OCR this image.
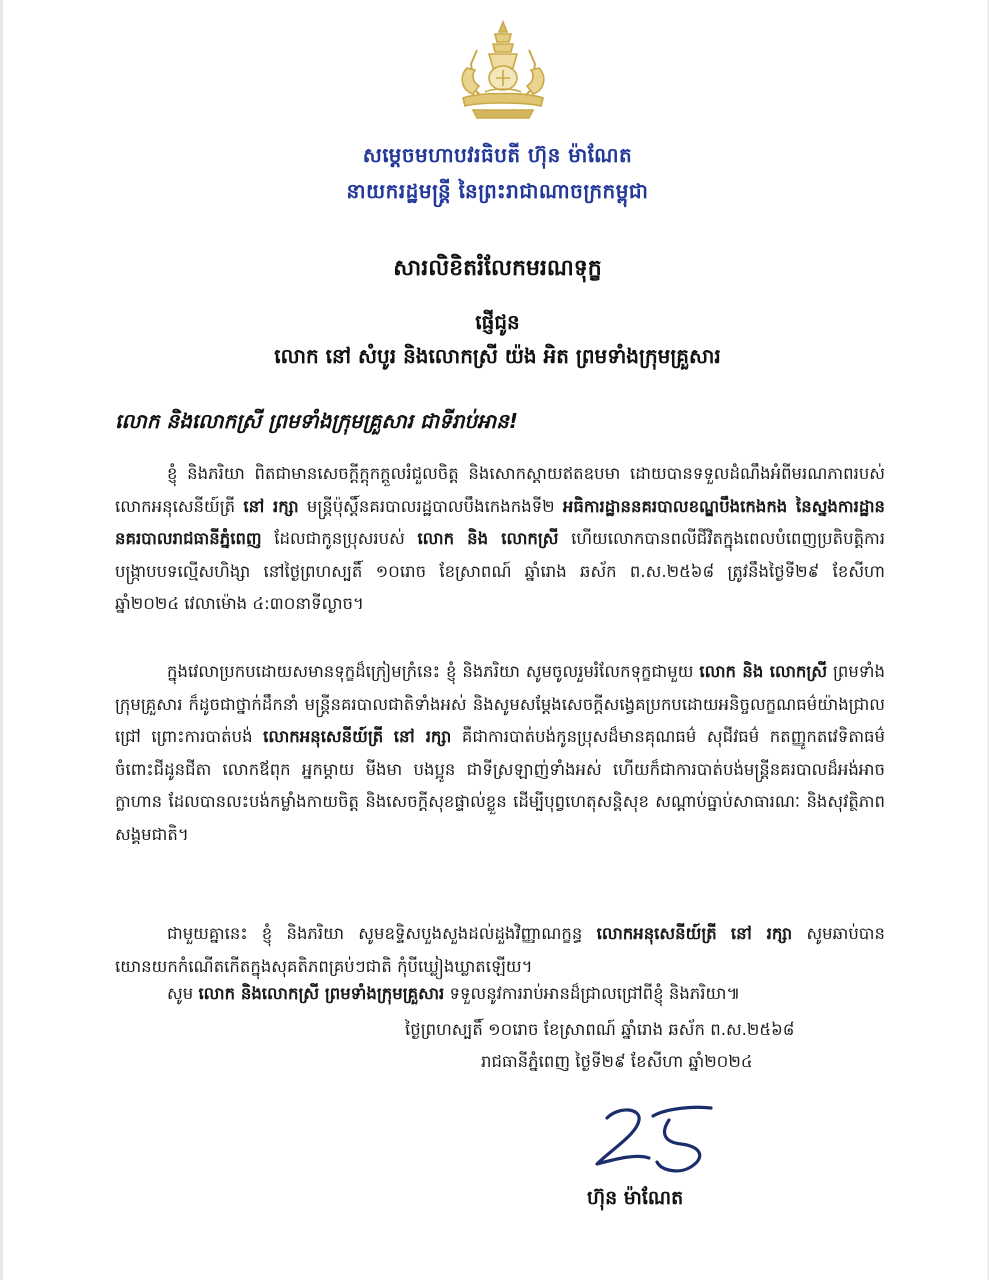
សម្តេចមហាបវរធិបតី ហ៊ុន ម៉ាណែត
នាយករដ្ឋមន្ត្រី នៃព្រះរាជាណាចក្រកម្ពុជា
សារលិខិតរំលែកមរណទុក្ខ
ផ្ញើជូន
លោក នៅ សំបូរ និងលោកស្រី យ៉ង អិត ព្រមទាំងក្រុមគ្រួសារ
លោក និងលោកស្រី ព្រមទាំងក្រុមគ្រួសារ ជាទីរាប់អាន!
ខ្ញុំ និងភរិយា ពិតជាមានសេចក្តីក្តុកក្តួលរំជួលចិត្ត និងសោកស្តាយឥតឧបមា ដោយបានទទួលដំណឹងអំពីមរណភាពរបស់ លោកអនុសេនីយ៍ត្រី នៅ រក្សា មន្ត្រីប៉ុស្តិ៍នគរបាលរដ្ឋបាលបឹងកេងកងទី២ អធិការដ្ឋាននគរបាលខណ្ឌបឹងកេងកង នៃស្នងការដ្ឋាននគរបាលរាជធានីភ្នំពេញ ដែលជាកូនប្រុសរបស់ លោក និង លោកស្រី ហើយលោកបានពលីជីវិតក្នុងពេលបំពេញប្រតិបត្តិការបង្ក្រាបបទល្មើសហិង្សា នៅថ្ងៃព្រហស្បតិ៍ ១០រោច ខែស្រាពណ៍ ឆ្នាំរោង ឆស័ក ព.ស.២៥៦៨ ត្រូវនឹងថ្ងៃទី២៩ ខែសីហា ឆ្នាំ២០២៤ វេលាម៉ោង ៤:៣០នាទីល្ងាច។
ក្នុងវេលាប្រកបដោយសមានទុក្ខដ៏ក្រៀមក្រំនេះ ខ្ញុំ និងភរិយា សូមចូលរួមរំលែកទុក្ខជាមួយ លោក និង លោកស្រី ព្រមទាំងក្រុមគ្រួសារ ក៏ដូចជាថ្នាក់ដឹកនាំ មន្ត្រីនគរបាលជាតិទាំងអស់ និងសូមសម្តែងសេចក្តីសង្វេគប្រកបដោយអនិច្ចលក្ខណធម៌យ៉ាងជ្រាលជ្រៅ ព្រោះការបាត់បង់ លោកអនុសេនីយ៍ត្រី នៅ រក្សា គឺជាការបាត់បង់កូនប្រុសដ៏មានគុណធម៌ សុជីវធម៌ កតញ្ញូកតវេទិតាធម៌ ចំពោះជីដូនជីតា លោកឪពុក អ្នកម្តាយ មីងមា បងប្អូន ជាទីស្រឡាញ់ទាំងអស់ ហើយក៏ជាការបាត់បង់មន្ត្រីនគរបាលដ៏អង់អាចក្លាហាន ដែលបានលះបង់កម្លាំងកាយចិត្ត និងសេចក្តីសុខផ្ទាល់ខ្លួន ដើម្បីបុព្វហេតុសន្តិសុខ សណ្តាប់ធ្នាប់សាធារណៈ និងសុវត្ថិភាពសង្គមជាតិ។
ជាមួយគ្នានេះ ខ្ញុំ និងភរិយា សូមឧទ្ទិសបួងសួងដល់ដួងវិញ្ញាណក្ខន្ធ លោកអនុសេនីយ៍ត្រី នៅ រក្សា សូមឆាប់បានយោនយកកំណើតកើតក្នុងសុគតិភពគ្រប់ៗជាតិ កុំបីឃ្លៀងឃ្លាតឡើយ។
សូម លោក និងលោកស្រី ព្រមទាំងក្រុមគ្រួសារ ទទួលនូវការរាប់អានដ៏ជ្រាលជ្រៅពីខ្ញុំ និងភរិយា៕
ថ្ងៃព្រហស្បតិ៍ ១០រោច ខែស្រាពណ៍ ឆ្នាំរោង ឆស័ក ព.ស.២៥៦៨
រាជធានីភ្នំពេញ ថ្ងៃទី២៩ ខែសីហា ឆ្នាំ២០២៤
ហ៊ុន ម៉ាណែត
